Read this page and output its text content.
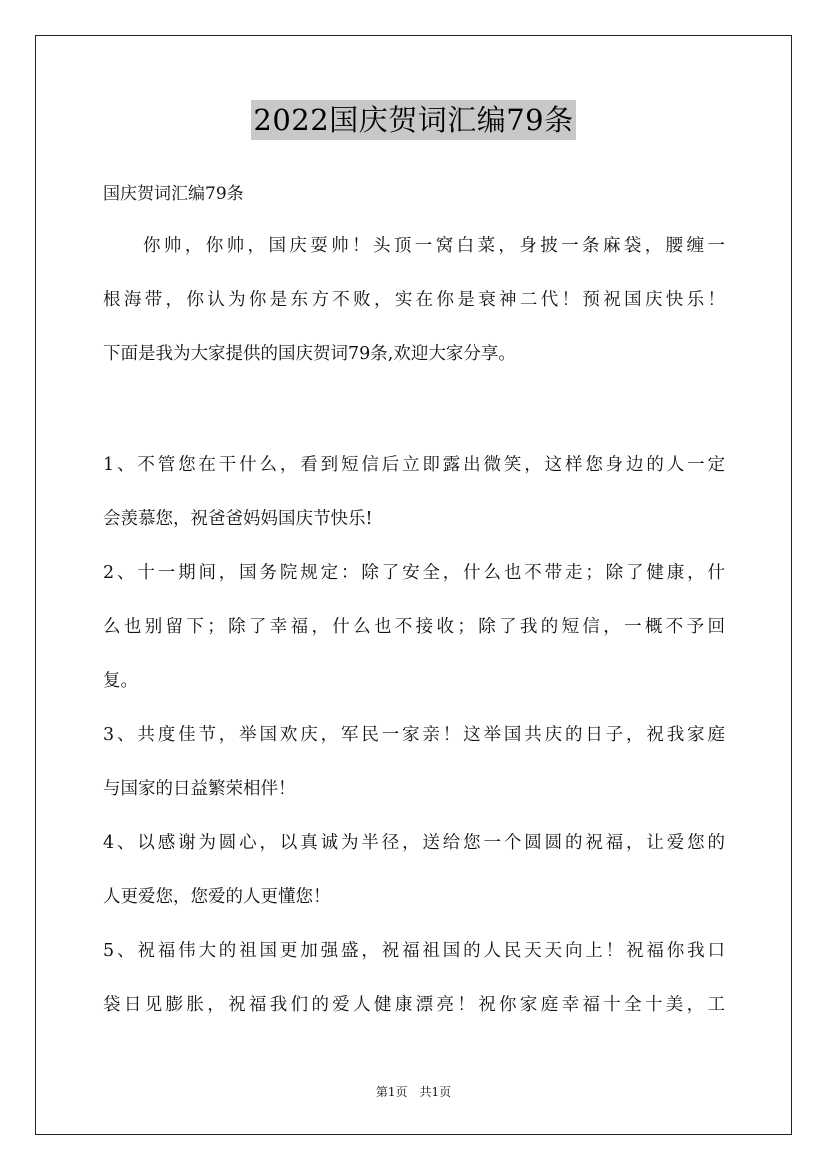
2022国庆贺词汇编79条
国庆贺词汇编79条
你帅，你帅，国庆耍帅！头顶一窝白菜，身披一条麻袋，腰缠一
根海带，你认为你是东方不败，实在你是衰神二代！预祝国庆快乐！
下面是我为大家提供的国庆贺词79条,欢迎大家分享。
1、不管您在干什么，看到短信后立即露出微笑，这样您身边的人一定
会羡慕您，祝爸爸妈妈国庆节快乐!
2、十一期间，国务院规定：除了安全，什么也不带走；除了健康，什
么也别留下；除了幸福，什么也不接收；除了我的短信，一概不予回
复。
3、共度佳节，举国欢庆，军民一家亲！这举国共庆的日子，祝我家庭
与国家的日益繁荣相伴！
4、以感谢为圆心，以真诚为半径，送给您一个圆圆的祝福，让爱您的
人更爱您，您爱的人更懂您！
5、祝福伟大的祖国更加强盛，祝福祖国的人民天天向上！祝福你我口
袋日见膨胀，祝福我们的爱人健康漂亮！祝你家庭幸福十全十美，工
第1页　共1页
